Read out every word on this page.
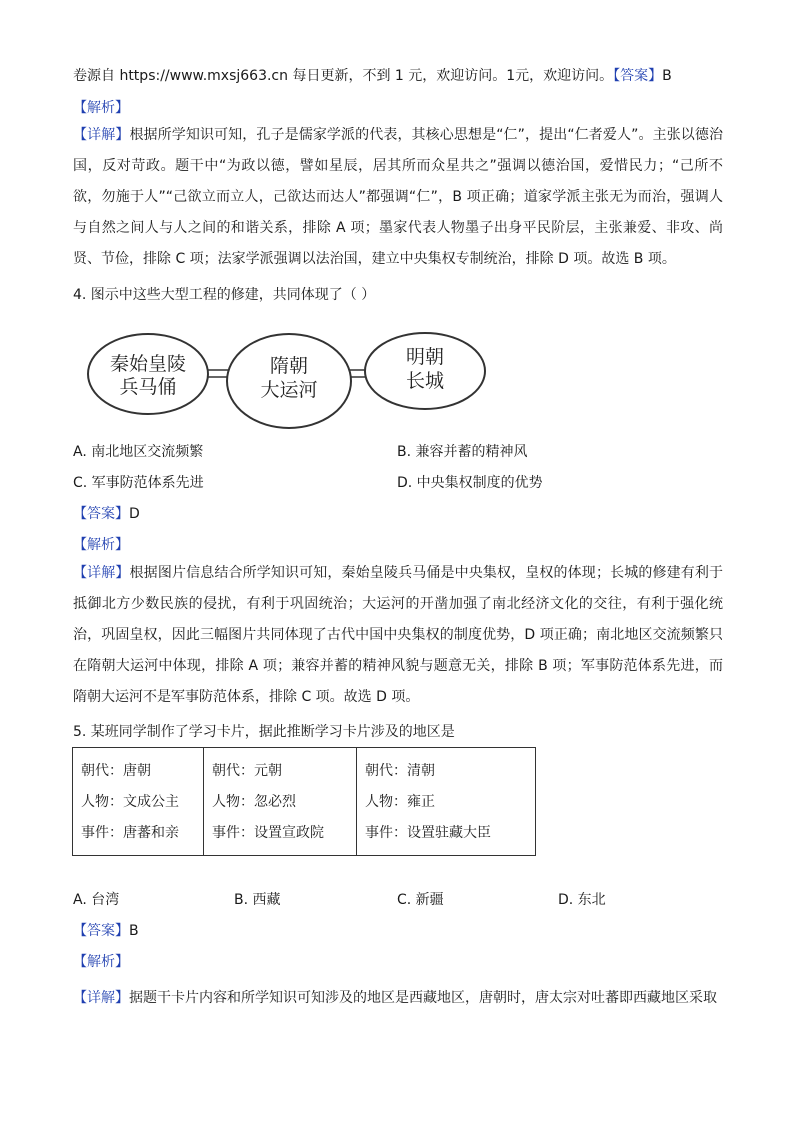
卷源自 https://www.mxsj663.cn 每日更新，不到 1 元，欢迎访问。1元，欢迎访问。【答案】B
【解析】

【详解】根据所学知识可知，孔子是儒家学派的代表，其核心思想是“仁”，提出“仁者爱人”。主张以德治国，反对苛政。题干中“为政以德，譬如星辰，居其所而众星共之”强调以德治国，爱惜民力；“己所不欲，勿施于人”“己欲立而立人，己欲达而达人”都强调“仁”，B 项正确；道家学派主张无为而治，强调人与自然之间人与人之间的和谐关系，排除 A 项；墨家代表人物墨子出身平民阶层，主张兼爱、非攻、尚贤、节俭，排除 C 项；法家学派强调以法治国，建立中央集权专制统治，排除 D 项。故选 B 项。

4. 图示中这些大型工程的修建，共同体现了（ ）
秦始皇陵
兵马俑
隋朝
大运河
明朝
长城
A. 南北地区交流频繁	B. 兼容并蓄的精神风
C. 军事防范体系先进	D. 中央集权制度的优势
【答案】D
【解析】

【详解】根据图片信息结合所学知识可知，秦始皇陵兵马俑是中央集权，皇权的体现；长城的修建有利于抵御北方少数民族的侵扰，有利于巩固统治；大运河的开凿加强了南北经济文化的交往，有利于强化统治，巩固皇权，因此三幅图片共同体现了古代中国中央集权的制度优势，D 项正确；南北地区交流频繁只在隋朝大运河中体现，排除 A 项；兼容并蓄的精神风貌与题意无关，排除 B 项；军事防范体系先进，而隋朝大运河不是军事防范体系，排除 C 项。故选 D 项。

5. 某班同学制作了学习卡片，据此推断学习卡片涉及的地区是
朝代：唐朝
人物：文成公主
事件：唐蕃和亲

朝代：元朝
人物：忽必烈
事件：设置宣政院

朝代：清朝
人物：雍正
事件：设置驻藏大臣
A. 台湾	B. 西藏	C. 新疆	D. 东北
【答案】B
【解析】

【详解】据题干卡片内容和所学知识可知涉及的地区是西藏地区，唐朝时，唐太宗对吐蕃即西藏地区采取
